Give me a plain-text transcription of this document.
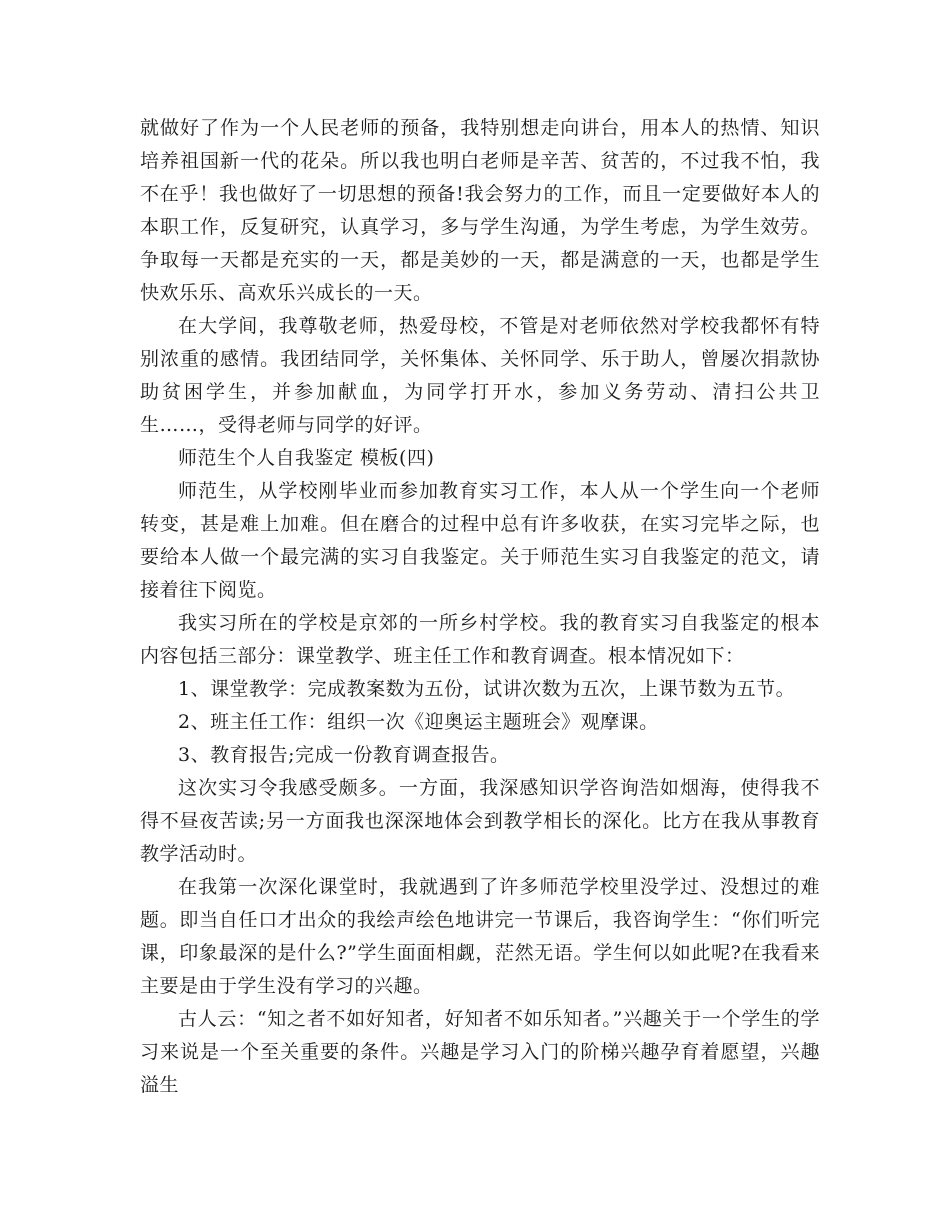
就做好了作为一个人民老师的预备，我特别想走向讲台，用本人的热情、知识培养祖国新一代的花朵。所以我也明白老师是辛苦、贫苦的，不过我不怕，我不在乎！我也做好了一切思想的预备!我会努力的工作，而且一定要做好本人的本职工作，反复研究，认真学习，多与学生沟通，为学生考虑，为学生效劳。争取每一天都是充实的一天，都是美妙的一天，都是满意的一天，也都是学生快欢乐乐、高欢乐兴成长的一天。

在大学间，我尊敬老师，热爱母校，不管是对老师依然对学校我都怀有特别浓重的感情。我团结同学，关怀集体、关怀同学、乐于助人，曾屡次捐款协助贫困学生，并参加献血，为同学打开水，参加义务劳动、清扫公共卫生……，受得老师与同学的好评。

师范生个人自我鉴定 模板(四)

师范生，从学校刚毕业而参加教育实习工作，本人从一个学生向一个老师转变，甚是难上加难。但在磨合的过程中总有许多收获，在实习完毕之际，也要给本人做一个最完满的实习自我鉴定。关于师范生实习自我鉴定的范文，请接着往下阅览。

我实习所在的学校是京郊的一所乡村学校。我的教育实习自我鉴定的根本内容包括三部分：课堂教学、班主任工作和教育调查。根本情况如下：

1、课堂教学：完成教案数为五份，试讲次数为五次，上课节数为五节。

2、班主任工作：组织一次《迎奥运主题班会》观摩课。

3、教育报告;完成一份教育调查报告。

这次实习令我感受颇多。一方面，我深感知识学咨询浩如烟海，使得我不得不昼夜苦读;另一方面我也深深地体会到教学相长的深化。比方在我从事教育教学活动时。

在我第一次深化课堂时，我就遇到了许多师范学校里没学过、没想过的难题。即当自任口才出众的我绘声绘色地讲完一节课后，我咨询学生：“你们听完课，印象最深的是什么?”学生面面相觑，茫然无语。学生何以如此呢?在我看来主要是由于学生没有学习的兴趣。

古人云：“知之者不如好知者，好知者不如乐知者。”兴趣关于一个学生的学习来说是一个至关重要的条件。兴趣是学习入门的阶梯兴趣孕育着愿望，兴趣溢生
